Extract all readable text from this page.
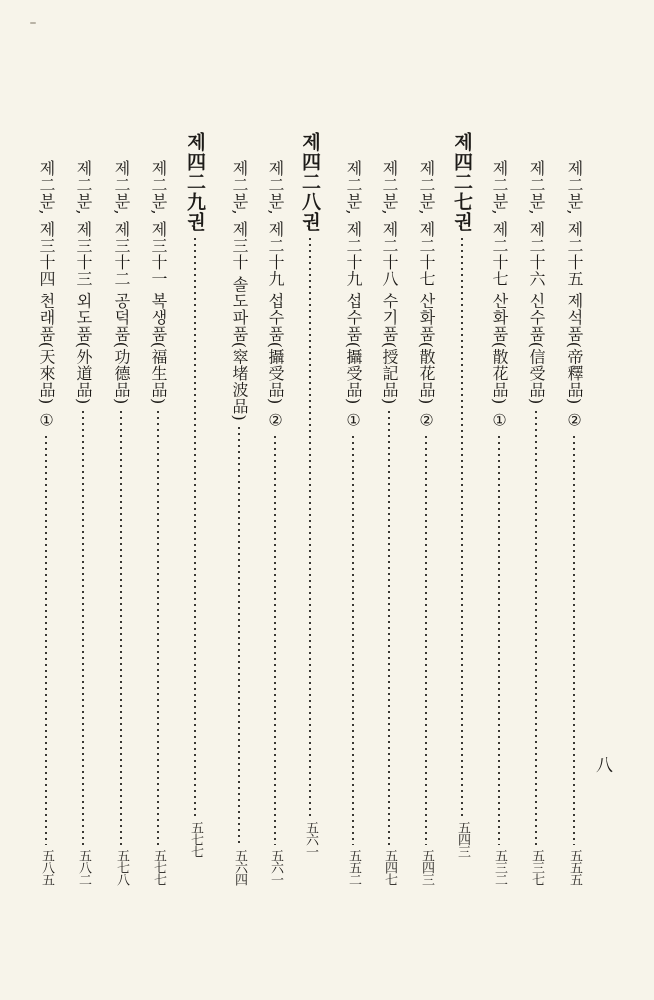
제二분, 제二十五 제석품(帝釋品) ②
五五五
제二분, 제二十六 신수품(信受品)
五三七
제二분, 제二十七 산화품(散花品) ①
五三二
제四二七권
五四三
제二분, 제二十七 산화품(散花品) ②
五四三
제二분, 제二十八 수기품(授記品)
五四七
제二분, 제二十九 섭수품(攝受品) ①
五五二
제四二八권
五六一
제二분, 제二十九 섭수품(攝受品) ②
五六一
제二분, 제三十 솔도파품(窣堵波品)
五六四
제四二九권
五七七
제二분, 제三十一 복생품(福生品)
五七七
제二분, 제三十二 공덕품(功德品)
五七八
제二분, 제三十三 외도품(外道品)
五八二
제二분, 제三十四 천래품(天來品) ①
五八五
八
